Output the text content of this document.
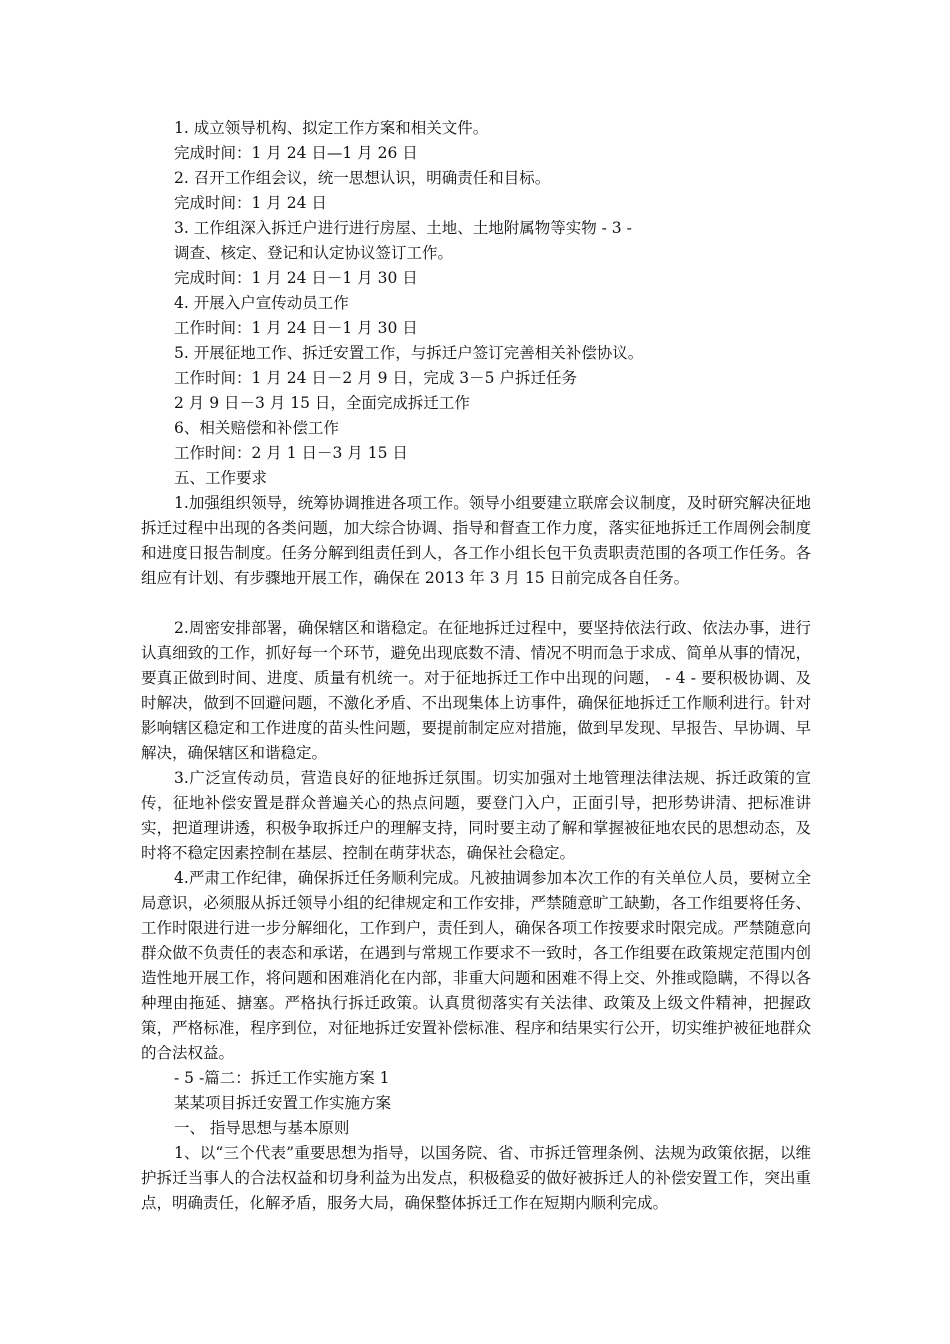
1. 成立领导机构、拟定工作方案和相关文件。
完成时间：1 月 24 日—1 月 26 日
2. 召开工作组会议，统一思想认识，明确责任和目标。
完成时间：1 月 24 日
3. 工作组深入拆迁户进行进行房屋、土地、土地附属物等实物 - 3 -
调查、核定、登记和认定协议签订工作。
完成时间：1 月 24 日－1 月 30 日
4. 开展入户宣传动员工作
工作时间：1 月 24 日－1 月 30 日
5. 开展征地工作、拆迁安置工作，与拆迁户签订完善相关补偿协议。
工作时间：1 月 24 日－2 月 9 日，完成 3－5 户拆迁任务
2 月 9 日－3 月 15 日，全面完成拆迁工作
6、相关赔偿和补偿工作
工作时间：2 月 1 日－3 月 15 日
五、工作要求
1.加强组织领导，统筹协调推进各项工作。领导小组要建立联席会议制度，及时研究解决征地拆迁过程中出现的各类问题，加大综合协调、指导和督查工作力度，落实征地拆迁工作周例会制度和进度日报告制度。任务分解到组责任到人，各工作小组长包干负责职责范围的各项工作任务。各组应有计划、有步骤地开展工作，确保在 2013 年 3 月 15 日前完成各自任务。
2.周密安排部署，确保辖区和谐稳定。在征地拆迁过程中，要坚持依法行政、依法办事，进行认真细致的工作，抓好每一个环节，避免出现底数不清、情况不明而急于求成、简单从事的情况，要真正做到时间、进度、质量有机统一。对于征地拆迁工作中出现的问题， - 4 - 要积极协调、及时解决，做到不回避问题，不激化矛盾、不出现集体上访事件，确保征地拆迁工作顺利进行。针对影响辖区稳定和工作进度的苗头性问题，要提前制定应对措施，做到早发现、早报告、早协调、早解决，确保辖区和谐稳定。
3.广泛宣传动员，营造良好的征地拆迁氛围。切实加强对土地管理法律法规、拆迁政策的宣传，征地补偿安置是群众普遍关心的热点问题，要登门入户，正面引导，把形势讲清、把标准讲实，把道理讲透，积极争取拆迁户的理解支持，同时要主动了解和掌握被征地农民的思想动态，及时将不稳定因素控制在基层、控制在萌芽状态，确保社会稳定。
4.严肃工作纪律，确保拆迁任务顺利完成。凡被抽调参加本次工作的有关单位人员，要树立全局意识，必须服从拆迁领导小组的纪律规定和工作安排，严禁随意旷工缺勤，各工作组要将任务、工作时限进行进一步分解细化，工作到户，责任到人，确保各项工作按要求时限完成。严禁随意向群众做不负责任的表态和承诺，在遇到与常规工作要求不一致时，各工作组要在政策规定范围内创造性地开展工作，将问题和困难消化在内部，非重大问题和困难不得上交、外推或隐瞒，不得以各种理由拖延、搪塞。严格执行拆迁政策。认真贯彻落实有关法律、政策及上级文件精神，把握政策，严格标准，程序到位，对征地拆迁安置补偿标准、程序和结果实行公开，切实维护被征地群众的合法权益。
- 5 -篇二：拆迁工作实施方案 1
某某项目拆迁安置工作实施方案
一、 指导思想与基本原则
1、以“三个代表”重要思想为指导，以国务院、省、市拆迁管理条例、法规为政策依据，以维护拆迁当事人的合法权益和切身利益为出发点，积极稳妥的做好被拆迁人的补偿安置工作，突出重点，明确责任，化解矛盾，服务大局，确保整体拆迁工作在短期内顺利完成。
